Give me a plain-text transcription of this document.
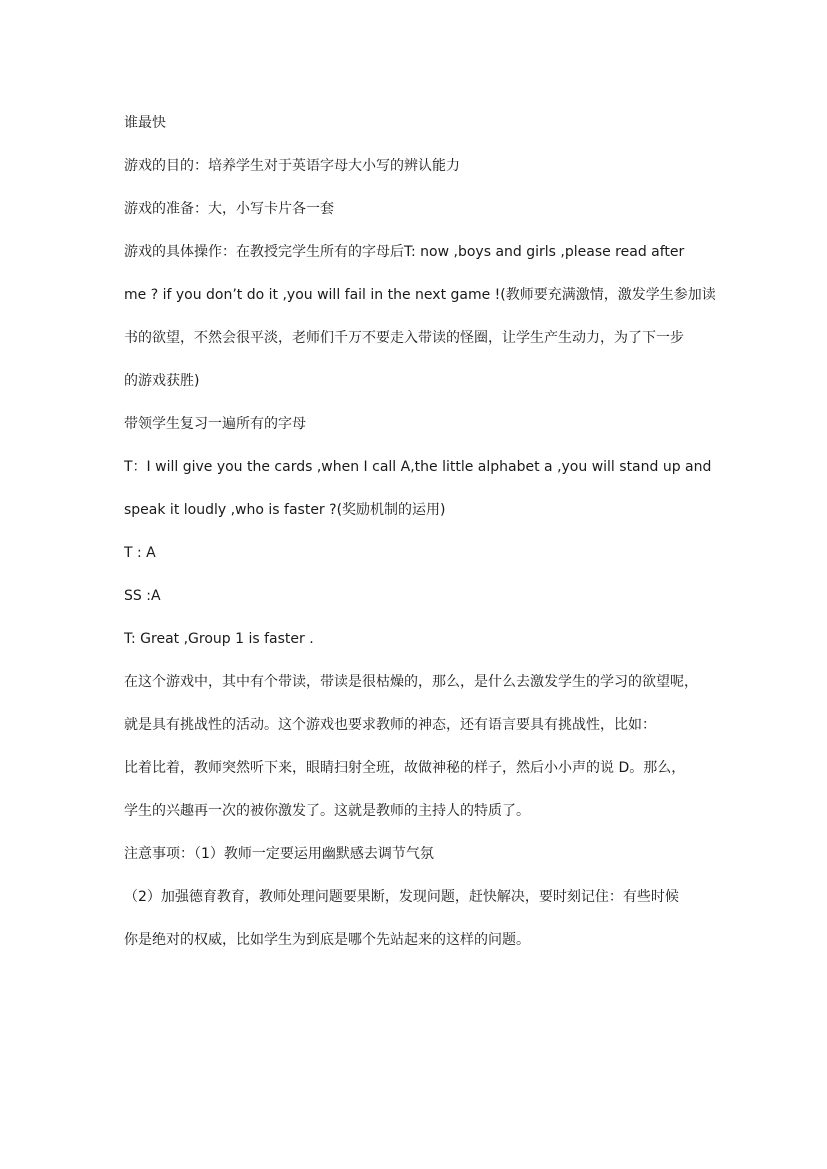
谁最快
游戏的目的：培养学生对于英语字母大小写的辨认能力
游戏的准备：大，小写卡片各一套
游戏的具体操作：在教授完学生所有的字母后T: now ,boys and girls ,please read after
me ? if you don’t do it ,you will fail in the next game !(教师要充满激情，激发学生参加读
书的欲望，不然会很平淡，老师们千万不要走入带读的怪圈，让学生产生动力，为了下一步
的游戏获胜)
带领学生复习一遍所有的字母
T：I will give you the cards ,when I call A,the little alphabet a ,you will stand up and
speak it loudly ,who is faster ?(奖励机制的运用)
T : A
SS :A
T: Great ,Group 1 is faster .
在这个游戏中，其中有个带读，带读是很枯燥的，那么，是什么去激发学生的学习的欲望呢，
就是具有挑战性的活动。这个游戏也要求教师的神态，还有语言要具有挑战性，比如：
比着比着，教师突然听下来，眼睛扫射全班，故做神秘的样子，然后小小声的说 D。那么，
学生的兴趣再一次的被你激发了。这就是教师的主持人的特质了。
注意事项：（1）教师一定要运用幽默感去调节气氛
（2）加强德育教育，教师处理问题要果断，发现问题，赶快解决，要时刻记住：有些时候
你是绝对的权威，比如学生为到底是哪个先站起来的这样的问题。
